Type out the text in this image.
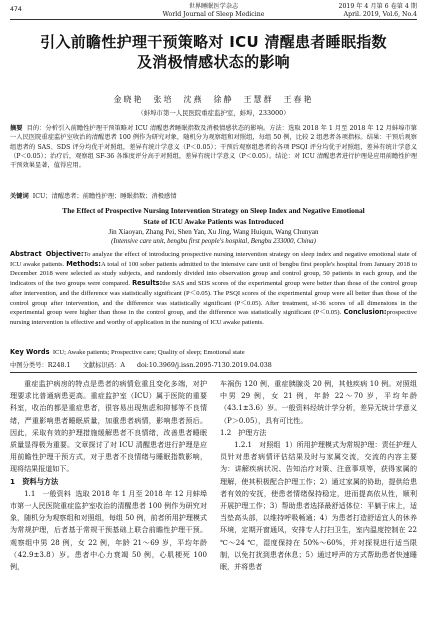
474	世界睡眠医学杂志
World Journal of Sleep Medicine
2019 年 4 月第 6 卷第 4 期
April. 2019, Vol.6, No.4
引入前瞻性护理干预策略对 ICU 清醒患者睡眠指数
及消极情感状态的影响
金晓艳　张培　沈燕　徐静　王慧群　王春艳
（蚌埠市第一人民医院重症监护室，蚌埠，233000）
摘要 目的：分析引入前瞻性护理干预策略对 ICU 清醒患者睡眠指数及消极情感状态的影响。方法：选取 2018 年 1 月至 2018 年 12 月蚌埠市第一人民医院重症监护室收治的清醒患者 100 例作为研究对象，随机分为观察组和对照组，每组 50 例，比较 2 组患者各项指标。结果：干预后观察组患者的 SAS、SDS 评分均优于对照组，差异有统计学意义（P＜0.05）；干预后观察组患者的各项 PSQI 评分均优于对照组，差异有统计学意义（P＜0.05）；治疗后，观察组 SF-36 各维度评分高于对照组，差异有统计学意义（P＜0.05）。结论：对 ICU 清醒患者进行护理是应用前瞻性护理干预效果显著，值得应用。
关键词 ICU；清醒患者；前瞻性护理；睡眠指数；消极感情
The Effect of Prospective Nursing Intervention Strategy on Sleep Index and Negative Emotional
State of ICU Awake Patients was Introduced
Jin Xiaoyan, Zhang Pei, Shen Yan, Xu Jing, Wang Huiqun, Wang Chunyan
(Intensive care unit, bengbu first people's hospital, Bengbu 233000, China)
Abstract Objective:To analyze the effect of introducing prospective nursing intervention strategy on sleep index and negative emotional state of ICU awake patients. Methods:A total of 100 sober patients admitted to the intensive care unit of bengbu first people's hospital from January 2018 to December 2018 were selected as study subjects, and randomly divided into observation group and control group, 50 patients in each group, and the indicators of the two groups were compared. Results:the SAS and SDS scores of the experimental group were better than those of the control group after intervention, and the difference was statistically significant (P＜0.05). The PSQI scores of the experimental group were all better than those of the control group after intervention, and the difference was statistically significant (P＜0.05). After treatment, sf-36 scores of all dimensions in the experimental group were higher than those in the control group, and the difference was statistically significant (P＜0.05). Conclusion:prospective nursing intervention is effective and worthy of application in the nursing of ICU awake patients.
Key Words ICU; Awake patients; Prospective care; Quality of sleep; Emotional state
中图分类号：R248.1 文献标识码：A doi:10.3969/j.issn.2095-7130.2019.04.038

重症监护病房的特点是患者的病情危重且变化多端，对护理要求比普通病患更高。重症监护室（ICU）属于医院的重要科室，收治的都是重症患者，很容易出现焦虑和抑郁等不良情绪，严重影响患者睡眠质量，加重患者病情，影响患者预后。因此，采取有效的护理措施缓解患者不良情绪，改善患者睡眠质量显得极为重要。文章探讨了对 ICU 清醒患者进行护理是应用前瞻性护理干预方式，对于患者不良情绪与睡眠指数影响，现将结果报道如下。

1　资料与方法

1.1　一般资料 选取 2018 年 1 月至 2018 年 12 月蚌埠市第一人民医院重症监护室收治的清醒患者 100 例作为研究对象，随机分为观察组和对照组，每组 50 例，前者所用护理模式为常规护理，后者基于常规干预基础上联合前瞻性护理干预。观察组中男 28 例，女 22 例，年龄 21～69 岁，平均年龄（42.9±3.8）岁。患者中心力衰竭 50 例，心肌梗死 100 例，

车祸伤 120 例，重症胰腺炎 20 例，其他疾病 10 例。对照组中男 29 例，女 21 例，年龄 22～70 岁，平均年龄（43.1±3.6）岁。一般资料经统计学分析，差异无统计学意义（P＞0.05），具有可比性。

1.2　护理方法

1.2.1　对照组 1）所用护理模式为常规护理：责任护理人员针对患者病情评估结果及时与家属交流，交流的内容主要为：讲解疾病状况、告知治疗对策、注意事项等，获得家属的理解，使其积极配合护理工作；2）通过家属的协助，提供给患者有效的安抚，使患者情绪保持稳定，进而提高依从性，顺利开展护理工作；3）帮助患者选择最舒适体位：平躺于床上，适当垫高头部，以维持呼吸畅通；4）为患者打造舒适宜人的休养环境，定期开窗通风，安排专人打扫卫生，室内温度控制在 22 ℃～24 ℃，湿度保持在 50%～60%，并对探视进行适当限制，以免打扰到患者休息；5）通过呼声的方式帮助患者快速睡眠，并将患者
